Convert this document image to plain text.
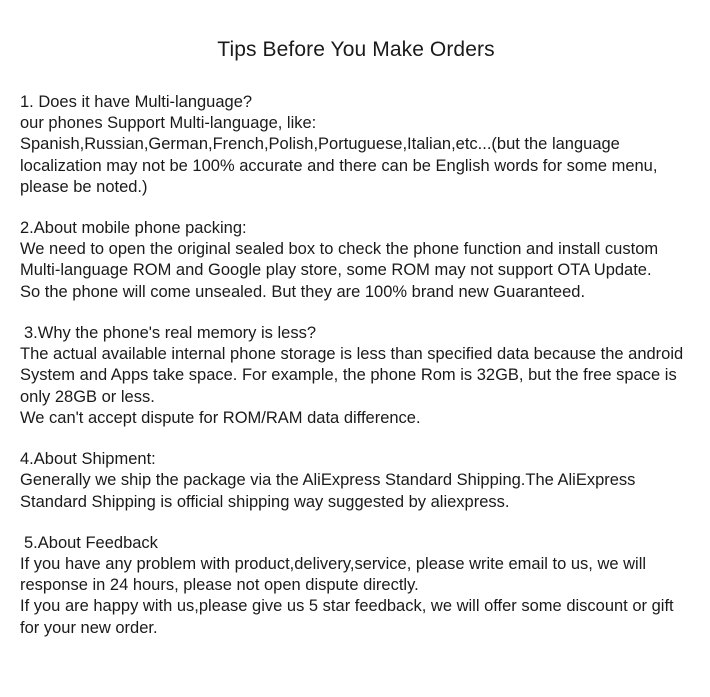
Tips Before You Make Orders

1. Does it have Multi-language?

our phones Support Multi-language, like:

Spanish,Russian,German,French,Polish,Portuguese,Italian,etc...(but the language localization may not be 100% accurate and there can be English words for some menu, please be noted.)

2.About mobile phone packing:

We need to open the original sealed box to check the phone function and install custom Multi-language ROM and Google play store, some ROM may not support OTA Update.

So the phone will come unsealed. But they are 100% brand new Guaranteed.

3.Why the phone's real memory is less?

The actual available internal phone storage is less than specified data because the android System and Apps take space. For example, the phone Rom is 32GB, but the free space is only 28GB or less.

We can't accept dispute for ROM/RAM data difference.

4.About Shipment:

Generally we ship the package via the AliExpress Standard Shipping.The AliExpress Standard Shipping is official shipping way suggested by aliexpress.

5.About Feedback

If you have any problem with product,delivery,service, please write email to us, we will response in 24 hours, please not open dispute directly.

If you are happy with us,please give us 5 star feedback, we will offer some discount or gift for your new order.
